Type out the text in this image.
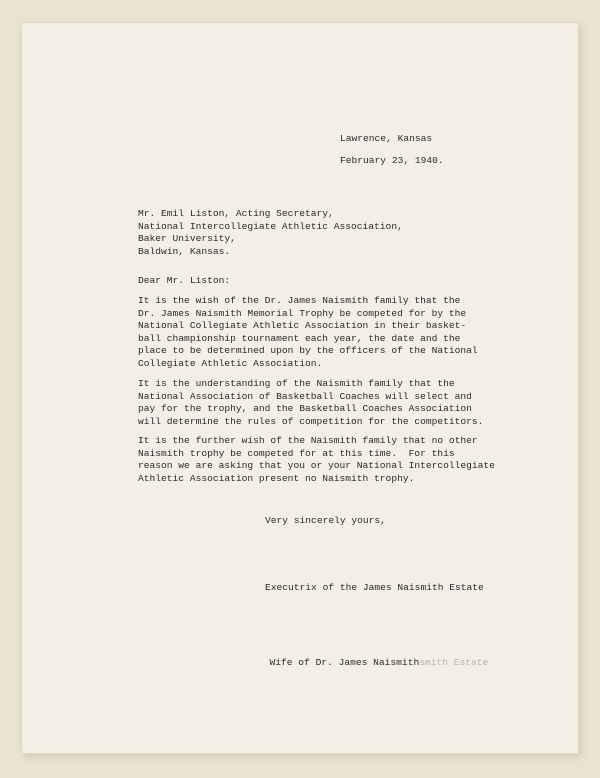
Lawrence, Kansas
February 23, 1940.
Mr. Emil Liston, Acting Secretary,
National Intercollegiate Athletic Association,
Baker University,
Baldwin, Kansas.
Dear Mr. Liston:
It is the wish of the Dr. James Naismith family that the
Dr. James Naismith Memorial Trophy be competed for by the
National Collegiate Athletic Association in their basket-
ball championship tournament each year, the date and the
place to be determined upon by the officers of the National
Collegiate Athletic Association.
It is the understanding of the Naismith family that the
National Association of Basketball Coaches will select and
pay for the trophy, and the Basketball Coaches Association
will determine the rules of competition for the competitors.
It is the further wish of the Naismith family that no other
Naismith trophy be competed for at this time.  For this
reason we are asking that you or your National Intercollegiate
Athletic Association present no Naismith trophy.
Very sincerely yours,
Executrix of the James Naismith Estate

Wife of Dr. James Naismithsmith Estate
